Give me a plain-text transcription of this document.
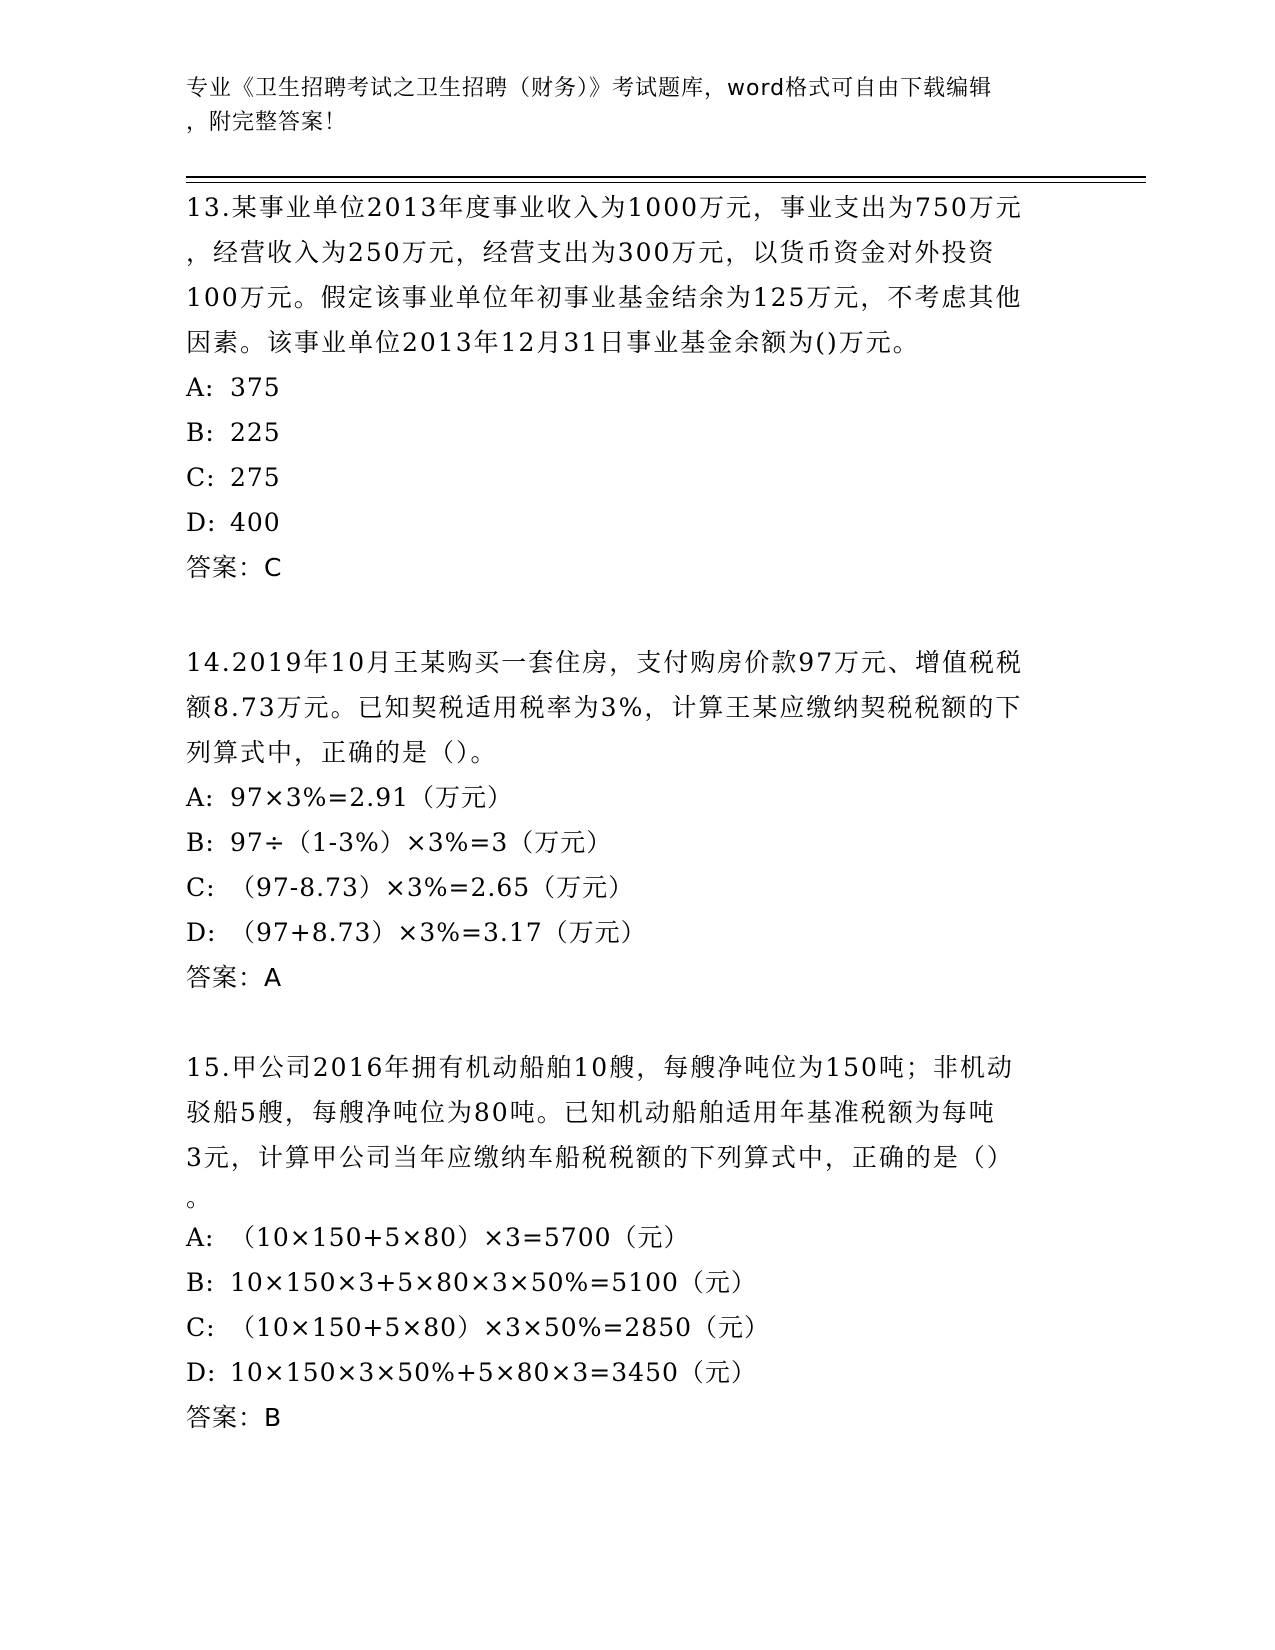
专业《卫生招聘考试之卫生招聘（财务）》考试题库，word格式可自由下载编辑
，附完整答案！
13.某事业单位2013年度事业收入为1000万元，事业支出为750万元
，经营收入为250万元，经营支出为300万元，以货币资金对外投资
100万元。假定该事业单位年初事业基金结余为125万元，不考虑其他
因素。该事业单位2013年12月31日事业基金余额为()万元。
A: 375
B: 225
C: 275
D: 400
答案：C
14.2019年10月王某购买一套住房，支付购房价款97万元、增值税税
额8.73万元。已知契税适用税率为3%，计算王某应缴纳契税税额的下
列算式中，正确的是（）。
A: 97×3%=2.91（万元）
B: 97÷（1-3%）×3%=3（万元）
C: （97-8.73）×3%=2.65（万元）
D: （97+8.73）×3%=3.17（万元）
答案：A
15.甲公司2016年拥有机动船舶10艘，每艘净吨位为150吨；非机动
驳船5艘，每艘净吨位为80吨。已知机动船舶适用年基准税额为每吨
3元，计算甲公司当年应缴纳车船税税额的下列算式中，正确的是（）
。
A: （10×150+5×80）×3=5700（元）
B: 10×150×3+5×80×3×50%=5100（元）
C: （10×150+5×80）×3×50%=2850（元）
D: 10×150×3×50%+5×80×3=3450（元）
答案：B
